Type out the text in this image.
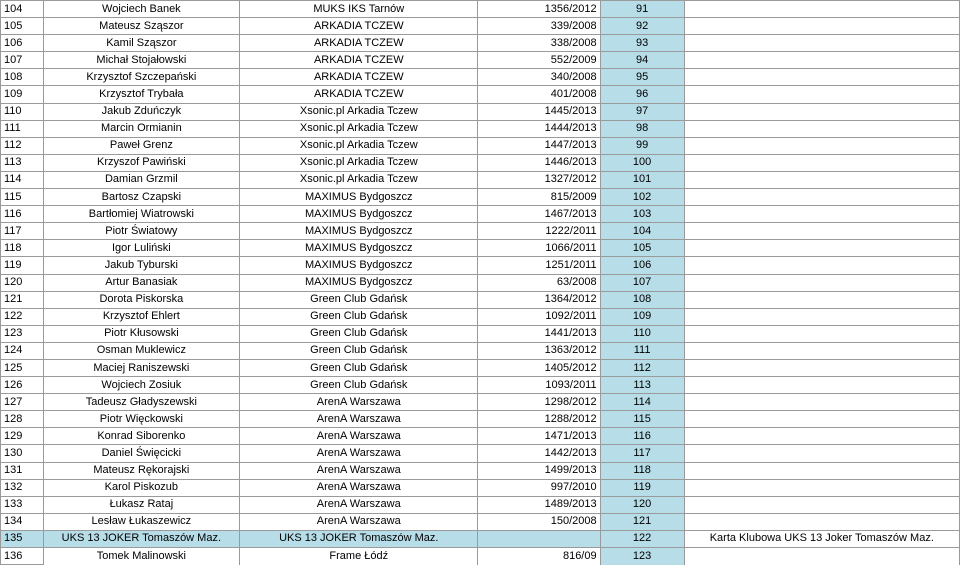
104	Wojciech Banek	MUKS IKS Tarnów	1356/2012	91	
105	Mateusz Sząszor	ARKADIA TCZEW	339/2008	92	
106	Kamil Sząszor	ARKADIA TCZEW	338/2008	93	
107	Michał Stojałowski	ARKADIA TCZEW	552/2009	94	
108	Krzysztof Szczepański	ARKADIA TCZEW	340/2008	95	
109	Krzysztof Trybała	ARKADIA TCZEW	401/2008	96	
110	Jakub Zduńczyk	Xsonic.pl Arkadia Tczew	1445/2013	97	
111	Marcin Ormianin	Xsonic.pl Arkadia Tczew	1444/2013	98	
112	Paweł Grenz	Xsonic.pl Arkadia Tczew	1447/2013	99	
113	Krzyszof Pawiński	Xsonic.pl Arkadia Tczew	1446/2013	100	
114	Damian Grzmil	Xsonic.pl Arkadia Tczew	1327/2012	101	
115	Bartosz Czapski	MAXIMUS Bydgoszcz	815/2009	102	
116	Bartłomiej Wiatrowski	MAXIMUS Bydgoszcz	1467/2013	103	
117	Piotr Światowy	MAXIMUS Bydgoszcz	1222/2011	104	
118	Igor Luliński	MAXIMUS Bydgoszcz	1066/2011	105	
119	Jakub Tyburski	MAXIMUS Bydgoszcz	1251/2011	106	
120	Artur Banasiak	MAXIMUS Bydgoszcz	63/2008	107	
121	Dorota Piskorska	Green Club Gdańsk	1364/2012	108	
122	Krzysztof Ehlert	Green Club Gdańsk	1092/2011	109	
123	Piotr Kłusowski	Green Club Gdańsk	1441/2013	110	
124	Osman Muklewicz	Green Club Gdańsk	1363/2012	111	
125	Maciej Raniszewski	Green Club Gdańsk	1405/2012	112	
126	Wojciech Zosiuk	Green Club Gdańsk	1093/2011	113	
127	Tadeusz Gładyszewski	ArenA Warszawa	1298/2012	114	
128	Piotr Więckowski	ArenA Warszawa	1288/2012	115	
129	Konrad Siborenko	ArenA Warszawa	1471/2013	116	
130	Daniel Święcicki	ArenA Warszawa	1442/2013	117	
131	Mateusz Rękorajski	ArenA Warszawa	1499/2013	118	
132	Karol Piskozub	ArenA Warszawa	997/2010	119	
133	Łukasz Rataj	ArenA Warszawa	1489/2013	120	
134	Lesław Łukaszewicz	ArenA Warszawa	150/2008	121	
135	UKS 13 JOKER Tomaszów Maz.	UKS 13 JOKER Tomaszów Maz.		122	Karta Klubowa UKS 13 Joker Tomaszów Maz.
136	Tomek Malinowski	Frame Łódź	816/09	123	
